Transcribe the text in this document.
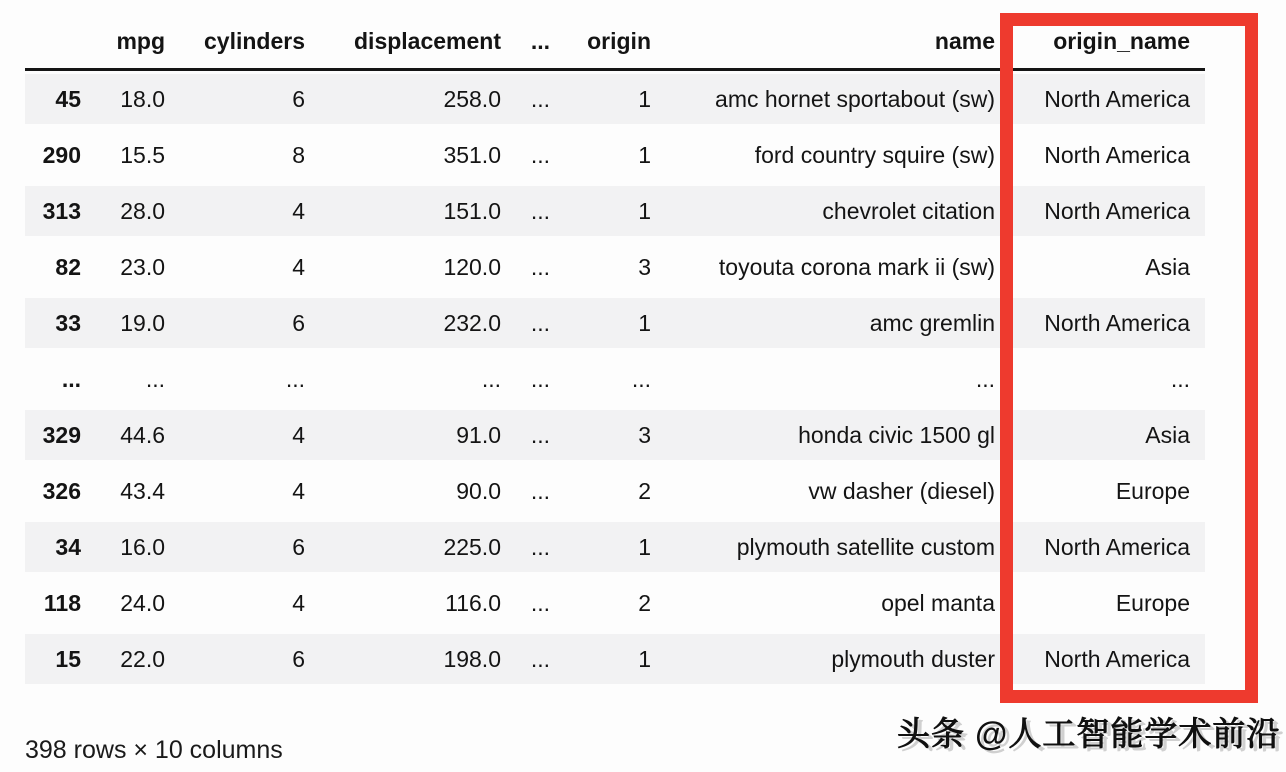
	mpg	cylinders	displacement	...	origin	name	origin_name
45	18.0	6	258.0	...	1	amc hornet sportabout (sw)	North America
290	15.5	8	351.0	...	1	ford country squire (sw)	North America
313	28.0	4	151.0	...	1	chevrolet citation	North America
82	23.0	4	120.0	...	3	toyouta corona mark ii (sw)	Asia
33	19.0	6	232.0	...	1	amc gremlin	North America
...	...	...	...	...	...	...	...
329	44.6	4	91.0	...	3	honda civic 1500 gl	Asia
326	43.4	4	90.0	...	2	vw dasher (diesel)	Europe
34	16.0	6	225.0	...	1	plymouth satellite custom	North America
118	24.0	4	116.0	...	2	opel manta	Europe
15	22.0	6	198.0	...	1	plymouth duster	North America
398 rows × 10 columns	头条 @人工智能学术前沿
